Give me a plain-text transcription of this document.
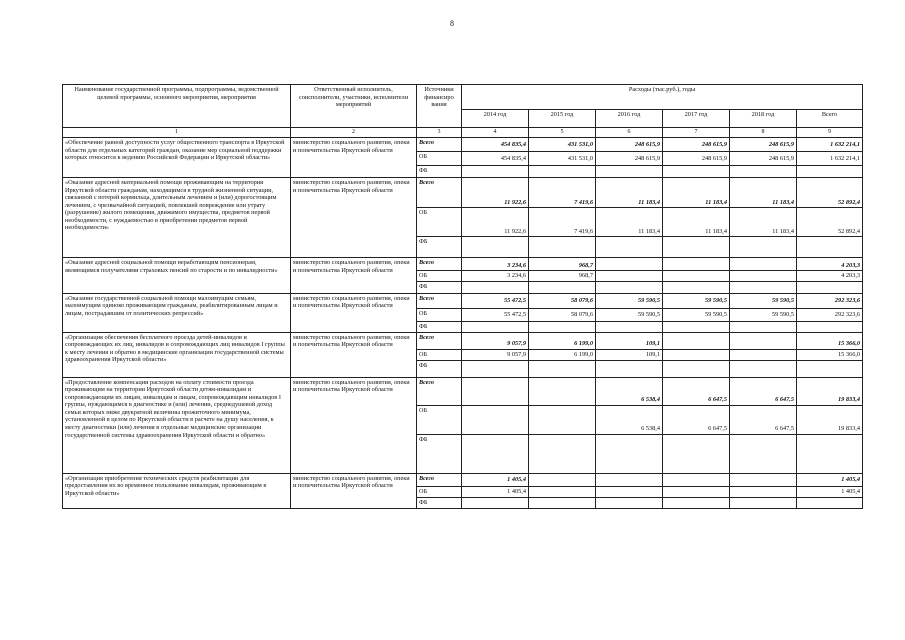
8
Наименование государственной программы, подпрограммы, ведомственной целевой программы, основного мероприятия, мероприятия	Ответственный исполнитель, соисполнители, участники, исполнители мероприятий	Источники финансиро вания	Расходы (тыс.руб.), годы					
			2014 год	2015 год	2016 год	2017 год	2018 год	Всего
1	2	3	4	5	6	7	8	9
«Обеспечение равной доступности услуг общественного транспорта в Иркутской области для отдельных категорий граждан, оказание мер социальной поддержки которых относится к ведению Российской Федерации и Иркутской области»	министерство социального развития, опеки и попечительства Иркутской области	Всего	454 835,4	431 531,0	248 615,9	248 615,9	248 615,9	1 632 214,1
		ОБ	454 835,4	431 531,0	248 615,9	248 615,9	248 615,9	1 632 214,1
		ФБ						
«Оказание адресной материальной помощи проживающим на территории Иркутской области гражданам, находящимся в трудной жизненной ситуации, связанной с потерей кормильца, длительным лечением и (или) дорогостоящим лечением, с чрезвычайной ситуацией, повлекшей повреждение или утрату (разрушение) жилого помещения, движимого имущества, предметов первой необходимости, с нуждаемостью в приобретении предметов первой необходимости»	министерство социального развития, опеки и попечительства Иркутской области	Всего	11 922,6	7 419,6	11 183,4	11 183,4	11 183,4	52 892,4
		ОБ	11 922,6	7 419,6	11 183,4	11 183,4	11 183,4	52 892,4
		ФБ						
«Оказание адресной социальной помощи неработающим пенсионерам, являющимся получателями страховых пенсий по старости и по инвалидности»	министерство социального развития, опеки и попечительства Иркутской области	Всего	3 234,6	968,7				4 203,3
		ОБ	3 234,6	968,7				4 203,3
		ФБ						
«Оказание государственной социальной помощи малоимущим семьям, малоимущим одиноко проживающим гражданам, реабилитированным лицам и лицам, пострадавшим от политических репрессий»	министерство социального развития, опеки и попечительства Иркутской области	Всего	55 472,5	58 079,6	59 590,5	59 590,5	59 590,5	292 323,6
		ОБ	55 472,5	58 079,6	59 590,5	59 590,5	59 590,5	292 323,6
		ФБ						
«Организация обеспечения бесплатного проезда детей-инвалидов и сопровождающих их лиц, инвалидов и сопровождающих лиц инвалидов I группы к месту лечения и обратно в медицинские организации государственной системы здравоохранения Иркутской области»	министерство социального развития, опеки и попечительства Иркутской области	Всего	9 057,9	6 199,0	109,1			15 366,0
		ОБ	9 057,9	6 199,0	109,1			15 366,0
		ФБ						
«Предоставление компенсации расходов на оплату стоимости проезда проживающим на территории Иркутской области детям-инвалидам и сопровождающим их лицам, инвалидам и лицам, сопровождающим инвалидов I группы, нуждающимся в диагностике и (или) лечении, среднедушевой доход семьи которых ниже двукратной величины прожиточного минимума, установленной в целом по Иркутской области в расчете на душу населения, к месту диагностики (или) лечения в отдельные медицинские организации государственной системы здравоохранения Иркутской области и обратно»	министерство социального развития, опеки и попечительства Иркутской области	Всего			6 538,4	6 647,5	6 647,5	19 833,4
		ОБ			6 538,4	6 647,5	6 647,5	19 833,4
		ФБ						
«Организация приобретения технических средств реабилитации для предоставления их во временное пользование инвалидам, проживающим в Иркутской области»	министерство социального развития, опеки и попечительства Иркутской области	Всего	1 405,4					1 405,4
		ОБ	1 405,4					1 405,4
		ФБ						
